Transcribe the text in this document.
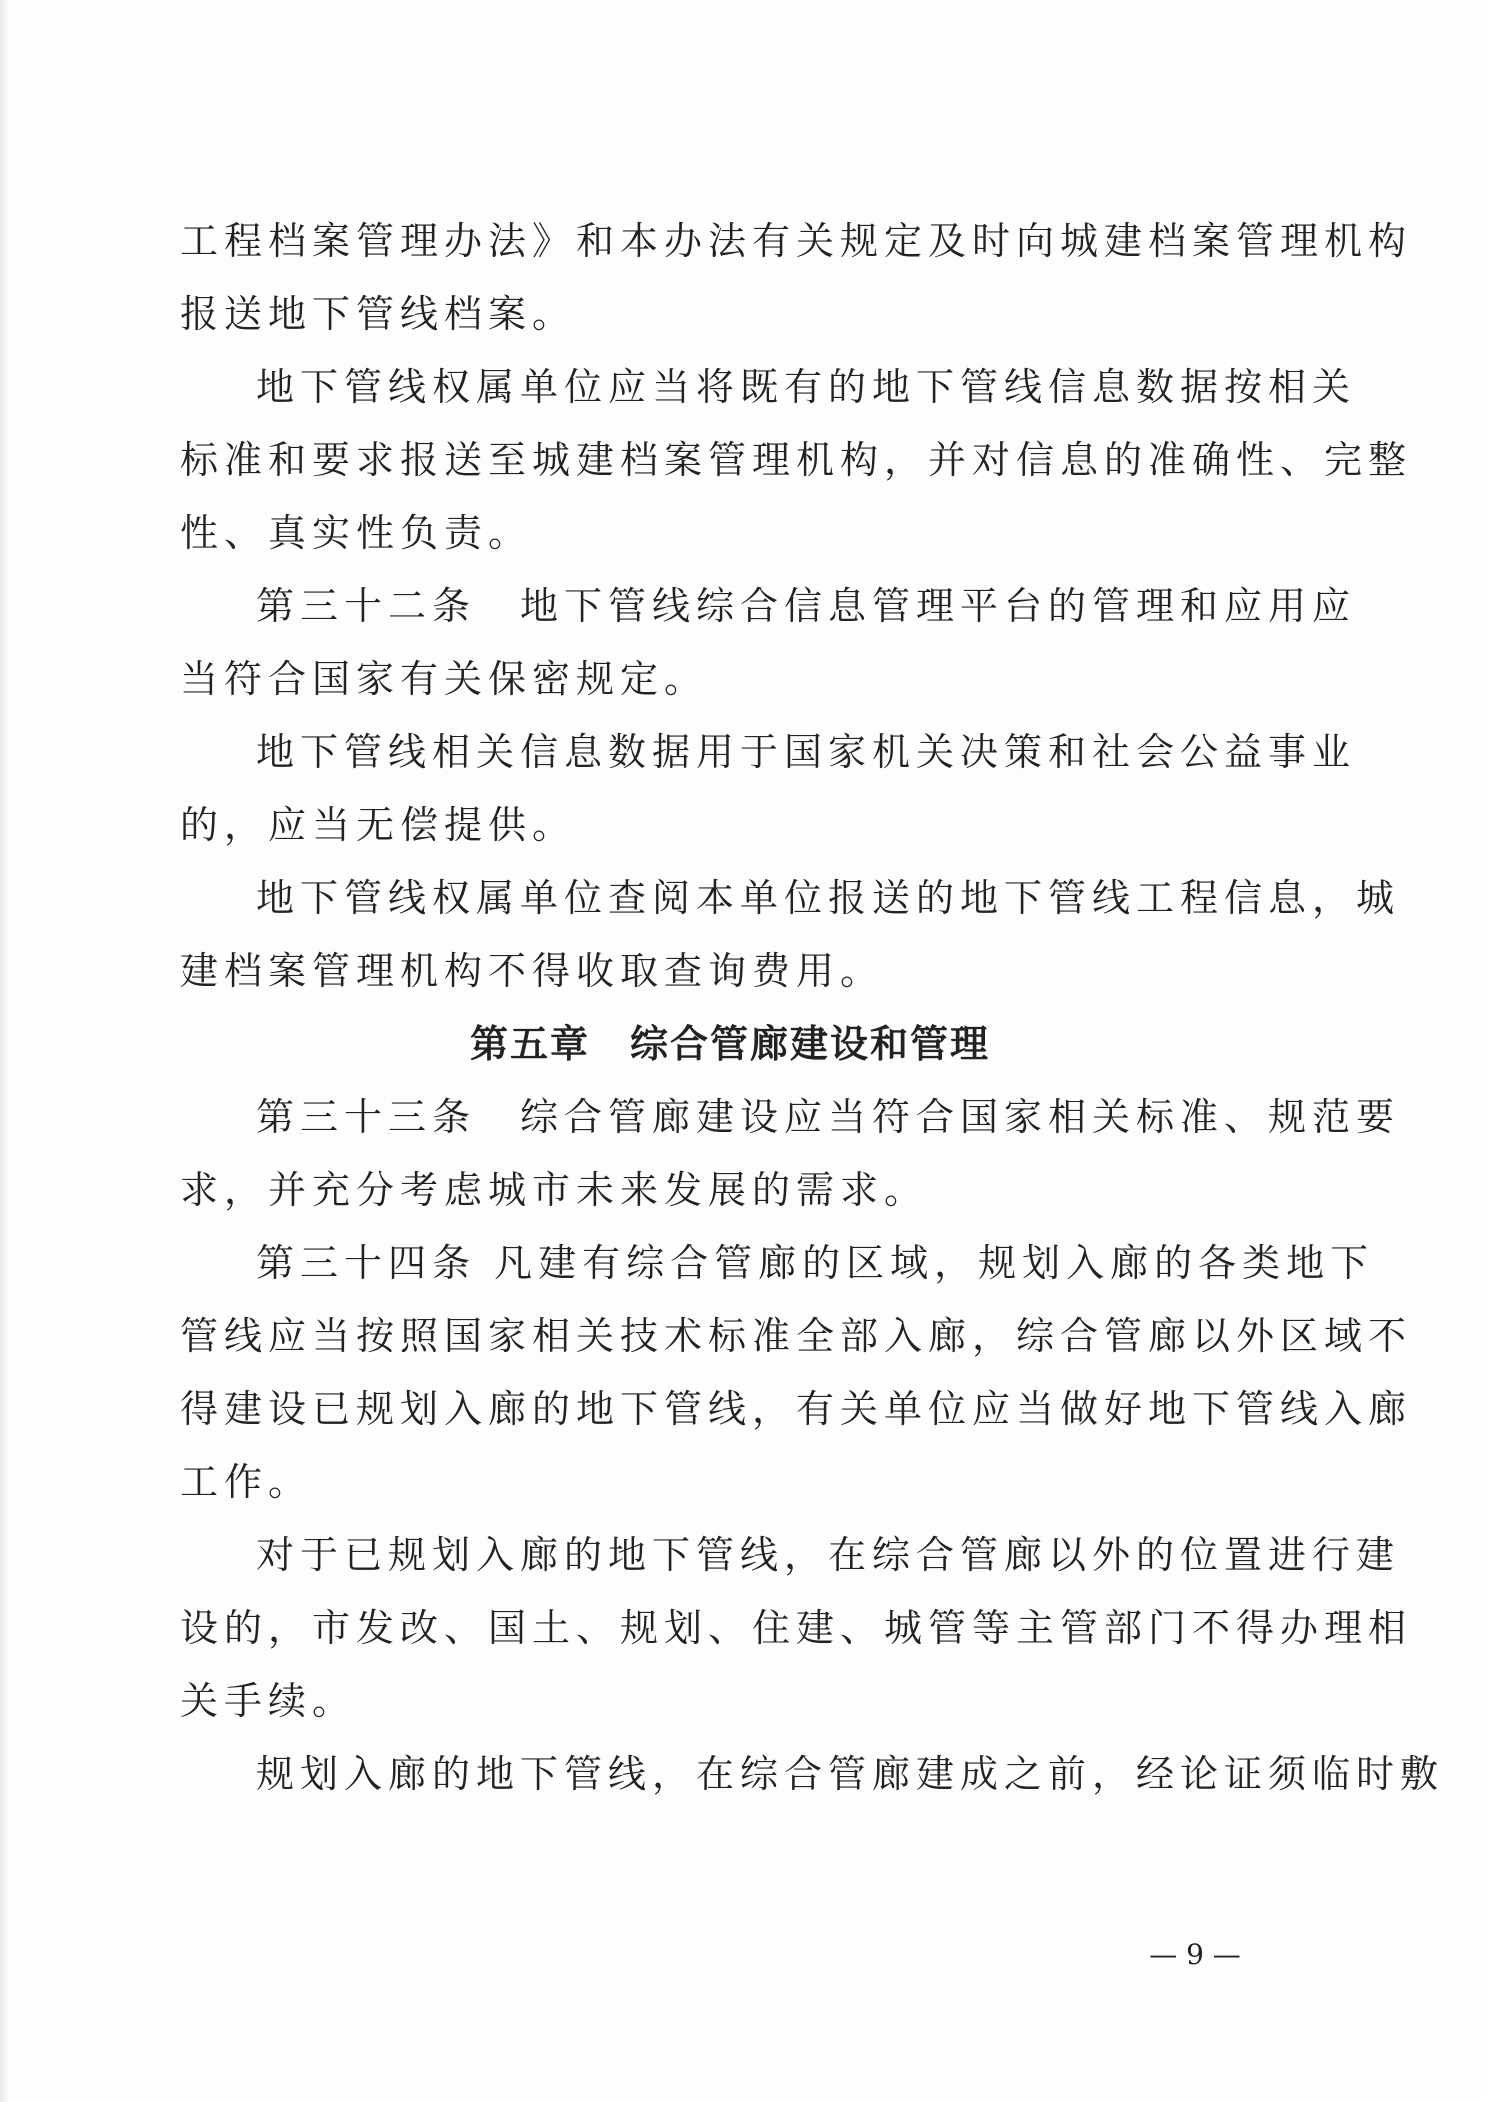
工程档案管理办法》和本办法有关规定及时向城建档案管理机构
报送地下管线档案。
地下管线权属单位应当将既有的地下管线信息数据按相关
标准和要求报送至城建档案管理机构，并对信息的准确性、完整
性、真实性负责。
第三十二条　地下管线综合信息管理平台的管理和应用应
当符合国家有关保密规定。
地下管线相关信息数据用于国家机关决策和社会公益事业
的，应当无偿提供。
地下管线权属单位查阅本单位报送的地下管线工程信息，城
建档案管理机构不得收取查询费用。
第五章　综合管廊建设和管理
第三十三条　综合管廊建设应当符合国家相关标准、规范要
求，并充分考虑城市未来发展的需求。
第三十四条 凡建有综合管廊的区域，规划入廊的各类地下
管线应当按照国家相关技术标准全部入廊，综合管廊以外区域不
得建设已规划入廊的地下管线，有关单位应当做好地下管线入廊
工作。
对于已规划入廊的地下管线，在综合管廊以外的位置进行建
设的，市发改、国土、规划、住建、城管等主管部门不得办理相
关手续。
规划入廊的地下管线，在综合管廊建成之前，经论证须临时敷
— 9 —
